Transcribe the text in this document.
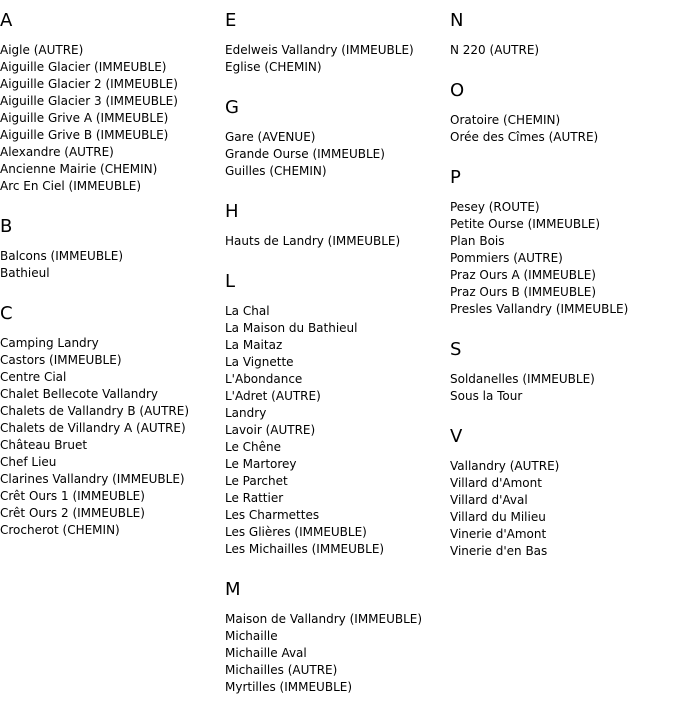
A
Aigle (AUTRE)
Aiguille Glacier (IMMEUBLE)
Aiguille Glacier 2 (IMMEUBLE)
Aiguille Glacier 3 (IMMEUBLE)
Aiguille Grive A (IMMEUBLE)
Aiguille Grive B (IMMEUBLE)
Alexandre (AUTRE)
Ancienne Mairie (CHEMIN)
Arc En Ciel (IMMEUBLE)
B
Balcons (IMMEUBLE)
Bathieul
C
Camping Landry
Castors (IMMEUBLE)
Centre Cial
Chalet Bellecote Vallandry
Chalets de Vallandry B (AUTRE)
Chalets de Villandry A (AUTRE)
Château Bruet
Chef Lieu
Clarines Vallandry (IMMEUBLE)
Crêt Ours 1 (IMMEUBLE)
Crêt Ours 2 (IMMEUBLE)
Crocherot (CHEMIN)
E
Edelweis Vallandry (IMMEUBLE)
Eglise (CHEMIN)
G
Gare (AVENUE)
Grande Ourse (IMMEUBLE)
Guilles (CHEMIN)
H
Hauts de Landry (IMMEUBLE)
L
La Chal
La Maison du Bathieul
La Maitaz
La Vignette
L'Abondance
L'Adret (AUTRE)
Landry
Lavoir (AUTRE)
Le Chêne
Le Martorey
Le Parchet
Le Rattier
Les Charmettes
Les Glières (IMMEUBLE)
Les Michailles (IMMEUBLE)
M
Maison de Vallandry (IMMEUBLE)
Michaille
Michaille Aval
Michailles (AUTRE)
Myrtilles (IMMEUBLE)
N
N 220 (AUTRE)
O
Oratoire (CHEMIN)
Orée des Cîmes (AUTRE)
P
Pesey (ROUTE)
Petite Ourse (IMMEUBLE)
Plan Bois
Pommiers (AUTRE)
Praz Ours A (IMMEUBLE)
Praz Ours B (IMMEUBLE)
Presles Vallandry (IMMEUBLE)
S
Soldanelles (IMMEUBLE)
Sous la Tour
V
Vallandry (AUTRE)
Villard d'Amont
Villard d'Aval
Villard du Milieu
Vinerie d'Amont
Vinerie d'en Bas
